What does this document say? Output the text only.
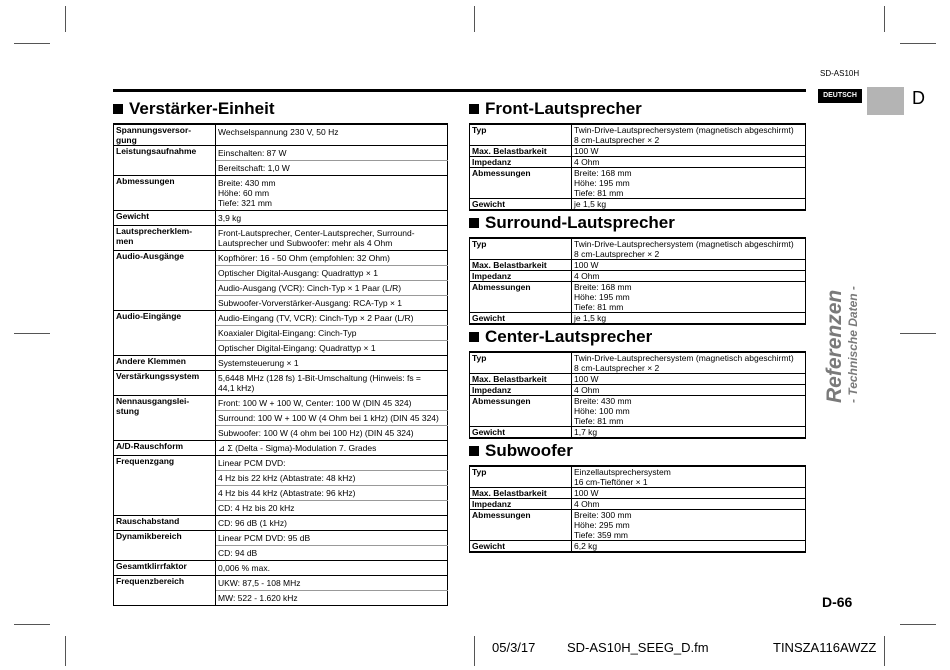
SD-AS10H
DEUTSCH	D
Referenzen - Technische Daten -
Verstärker-Einheit
Spannungsversor-
gung	Wechselspannung 230 V, 50 Hz
Leistungsaufnahme	Einschalten: 87 W
	Bereitschaft: 1,0 W
Abmessungen	Breite: 430 mm
Höhe: 60 mm
Tiefe: 321 mm
Gewicht	3,9 kg
Lautsprecherklem-
men	Front-Lautsprecher, Center-Lautsprecher, Surround-
Lautsprecher und Subwoofer: mehr als 4 Ohm
Audio-Ausgänge	Kopfhörer: 16 - 50 Ohm (empfohlen: 32 Ohm)
	Optischer Digital-Ausgang: Quadrattyp × 1
	Audio-Ausgang (VCR): Cinch-Typ × 1 Paar (L/R)
	Subwoofer-Vorverstärker-Ausgang: RCA-Typ × 1
Audio-Eingänge	Audio-Eingang (TV, VCR): Cinch-Typ × 2 Paar (L/R)
	Koaxialer Digital-Eingang: Cinch-Typ
	Optischer Digital-Eingang: Quadrattyp × 1
Andere Klemmen	Systemsteuerung × 1
Verstärkungssystem	5,6448 MHz (128 fs) 1-Bit-Umschaltung (Hinweis: fs =
44,1 kHz)
Nennausgangslei-
stung	Front: 100 W + 100 W, Center: 100 W (DIN 45 324)
	Surround: 100 W + 100 W (4 Ohm bei 1 kHz) (DIN 45 324)
	Subwoofer: 100 W (4 ohm bei 100 Hz) (DIN 45 324)
A/D-Rauschform	⊿ Σ (Delta - Sigma)-Modulation 7. Grades
Frequenzgang	Linear PCM DVD:
	4 Hz bis 22 kHz (Abtastrate: 48 kHz)
	4 Hz bis 44 kHz (Abtastrate: 96 kHz)
	CD: 4 Hz bis 20 kHz
Rauschabstand	CD: 96 dB (1 kHz)
Dynamikbereich	Linear PCM DVD: 95 dB
	CD: 94 dB
Gesamtklirrfaktor	0,006 % max.
Frequenzbereich	UKW: 87,5 - 108 MHz
	MW: 522 - 1.620 kHz
Front-Lautsprecher
Typ	Twin-Drive-Lautsprechersystem (magnetisch abgeschirmt)
8 cm-Lautsprecher × 2
Max. Belastbarkeit	100 W
Impedanz	4 Ohm
Abmessungen	Breite: 168 mm
Höhe: 195 mm
Tiefe: 81 mm
Gewicht	je 1,5 kg
Surround-Lautsprecher
Typ	Twin-Drive-Lautsprechersystem (magnetisch abgeschirmt)
8 cm-Lautsprecher × 2
Max. Belastbarkeit	100 W
Impedanz	4 Ohm
Abmessungen	Breite: 168 mm
Höhe: 195 mm
Tiefe: 81 mm
Gewicht	je 1,5 kg
Center-Lautsprecher
Typ	Twin-Drive-Lautsprechersystem (magnetisch abgeschirmt)
8 cm-Lautsprecher × 2
Max. Belastbarkeit	100 W
Impedanz	4 Ohm
Abmessungen	Breite: 430 mm
Höhe: 100 mm
Tiefe: 81 mm
Gewicht	1,7 kg
Subwoofer
Typ	Einzellautsprechersystem
16 cm-Tieftöner × 1
Max. Belastbarkeit	100 W
Impedanz	4 Ohm
Abmessungen	Breite: 300 mm
Höhe: 295 mm
Tiefe: 359 mm
Gewicht	6,2 kg
D-66
05/3/17 SD-AS10H_SEEG_D.fm	TINSZA116AWZZ
